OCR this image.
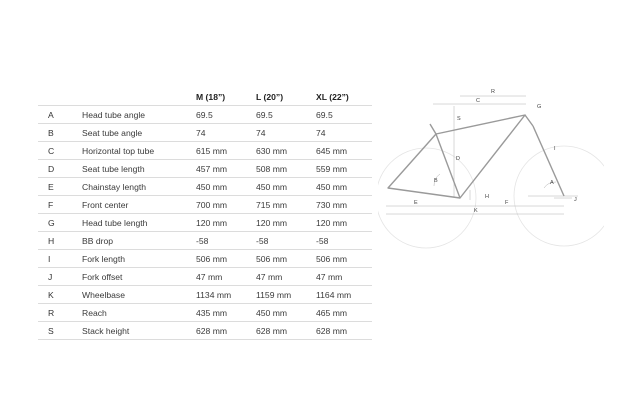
		M (18”)	L (20”)	XL (22”)
A	Head tube angle	69.5	69.5	69.5
B	Seat tube angle	74	74	74
C	Horizontal top tube	615 mm	630 mm	645 mm
D	Seat tube length	457 mm	508 mm	559 mm
E	Chainstay length	450 mm	450 mm	450 mm
F	Front center	700 mm	715 mm	730 mm
G	Head tube length	120 mm	120 mm	120 mm
H	BB drop	-58	-58	-58
I	Fork length	506 mm	506 mm	506 mm
J	Fork offset	47 mm	47 mm	47 mm
K	Wheelbase	1134 mm	1159 mm	1164 mm
R	Reach	435 mm	450 mm	465 mm
S	Stack height	628 mm	628 mm	628 mm
R
C
G
S
D
I
B	A
H	J
E	F
K
